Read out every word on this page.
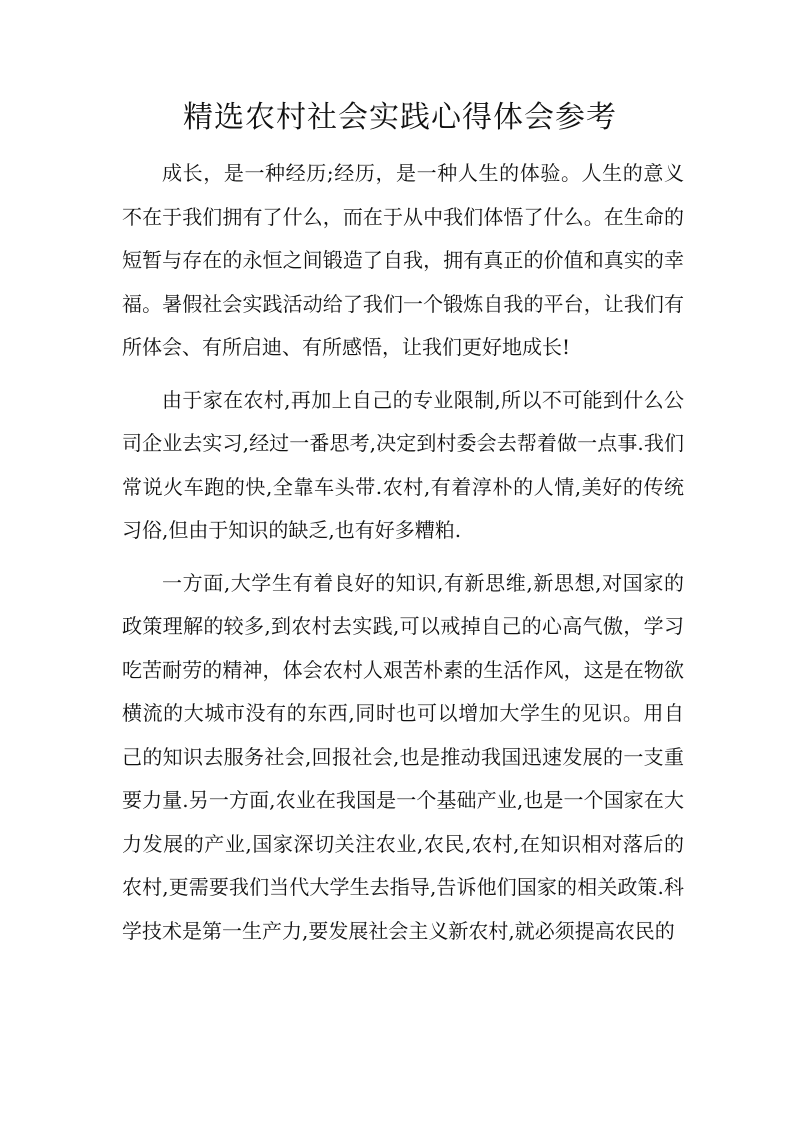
精选农村社会实践心得体会参考

成长，是一种经历;经历，是一种人生的体验。人生的意义不在于我们拥有了什么，而在于从中我们体悟了什么。在生命的短暂与存在的永恒之间锻造了自我，拥有真正的价值和真实的幸福。暑假社会实践活动给了我们一个锻炼自我的平台，让我们有所体会、有所启迪、有所感悟，让我们更好地成长!

由于家在农村,再加上自己的专业限制,所以不可能到什么公司企业去实习,经过一番思考,决定到村委会去帮着做一点事.我们常说火车跑的快,全靠车头带.农村,有着淳朴的人情,美好的传统习俗,但由于知识的缺乏,也有好多糟粕.

一方面,大学生有着良好的知识,有新思维,新思想,对国家的政策理解的较多,到农村去实践,可以戒掉自己的心高气傲，学习吃苦耐劳的精神，体会农村人艰苦朴素的生活作风，这是在物欲横流的大城市没有的东西,同时也可以增加大学生的见识。用自己的知识去服务社会,回报社会,也是推动我国迅速发展的一支重要力量.另一方面,农业在我国是一个基础产业,也是一个国家在大力发展的产业,国家深切关注农业,农民,农村,在知识相对落后的农村,更需要我们当代大学生去指导,告诉他们国家的相关政策.科学技术是第一生产力,要发展社会主义新农村,就必须提高农民的
